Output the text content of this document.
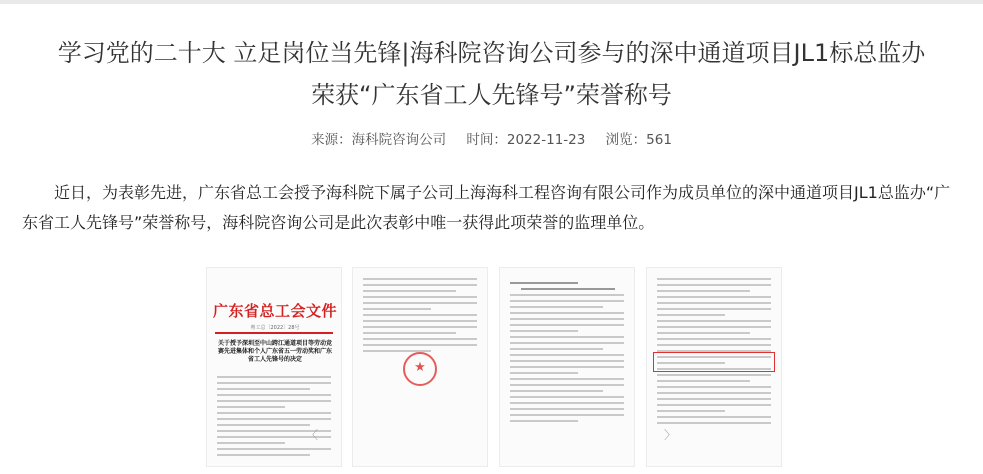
学习党的二十大 立足岗位当先锋|海科院咨询公司参与的深中通道项目JL1标总监办
荣获“广东省工人先锋号”荣誉称号
来源：海科院咨询公司 时间：2022-11-23 浏览：561

近日，为表彰先进，广东省总工会授予海科院下属子公司上海海科工程咨询有限公司作为成员单位的深中通道项目JL1总监办“广东省工人先锋号”荣誉称号，海科院咨询公司是此次表彰中唯一获得此项荣誉的监理单位。

广东省总工会文件
粤工总〔2022〕28号
关于授予深圳至中山跨江通道项目等劳动竞赛先进集体和个人广东省五一劳动奖和广东省工人先锋号的决定
★
〈	〉
